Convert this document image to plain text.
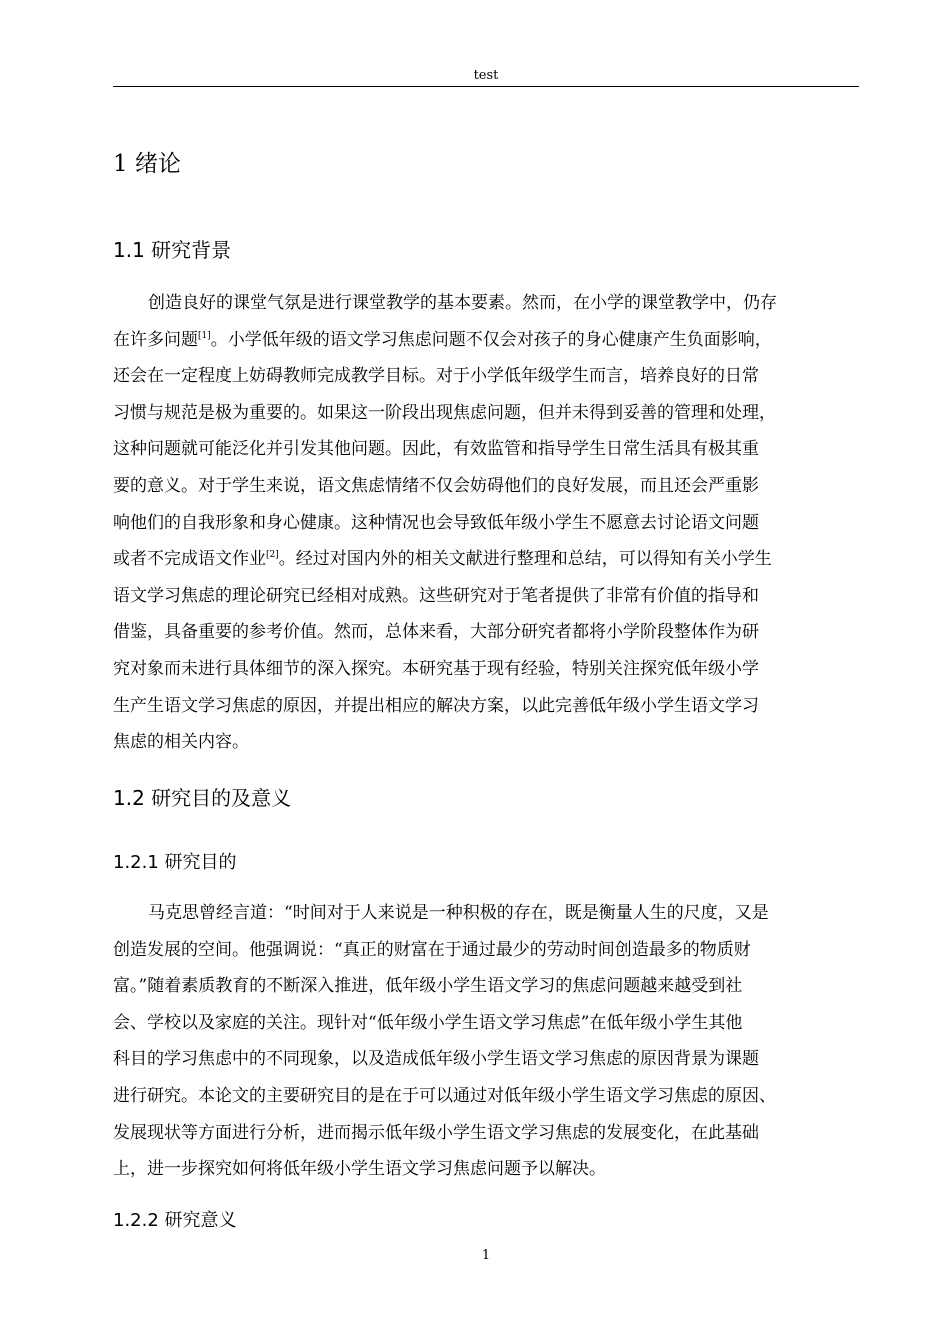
test
1 绪论
1.1 研究背景
创造良好的课堂气氛是进行课堂教学的基本要素。然而，在小学的课堂教学中，仍存
在许多问题[1]。小学低年级的语文学习焦虑问题不仅会对孩子的身心健康产生负面影响，
还会在一定程度上妨碍教师完成教学目标。对于小学低年级学生而言，培养良好的日常
习惯与规范是极为重要的。如果这一阶段出现焦虑问题，但并未得到妥善的管理和处理，
这种问题就可能泛化并引发其他问题。因此，有效监管和指导学生日常生活具有极其重
要的意义。对于学生来说，语文焦虑情绪不仅会妨碍他们的良好发展，而且还会严重影
响他们的自我形象和身心健康。这种情况也会导致低年级小学生不愿意去讨论语文问题
或者不完成语文作业[2]。经过对国内外的相关文献进行整理和总结，可以得知有关小学生
语文学习焦虑的理论研究已经相对成熟。这些研究对于笔者提供了非常有价值的指导和
借鉴，具备重要的参考价值。然而，总体来看，大部分研究者都将小学阶段整体作为研
究对象而未进行具体细节的深入探究。本研究基于现有经验，特别关注探究低年级小学
生产生语文学习焦虑的原因，并提出相应的解决方案，以此完善低年级小学生语文学习
焦虑的相关内容。
1.2 研究目的及意义
1.2.1 研究目的
马克思曾经言道：“时间对于人来说是一种积极的存在，既是衡量人生的尺度，又是
创造发展的空间。他强调说：“真正的财富在于通过最少的劳动时间创造最多的物质财
富。”随着素质教育的不断深入推进，低年级小学生语文学习的焦虑问题越来越受到社
会、学校以及家庭的关注。现针对“低年级小学生语文学习焦虑”在低年级小学生其他
科目的学习焦虑中的不同现象，以及造成低年级小学生语文学习焦虑的原因背景为课题
进行研究。本论文的主要研究目的是在于可以通过对低年级小学生语文学习焦虑的原因、
发展现状等方面进行分析，进而揭示低年级小学生语文学习焦虑的发展变化，在此基础
上，进一步探究如何将低年级小学生语文学习焦虑问题予以解决。
1.2.2 研究意义
1
